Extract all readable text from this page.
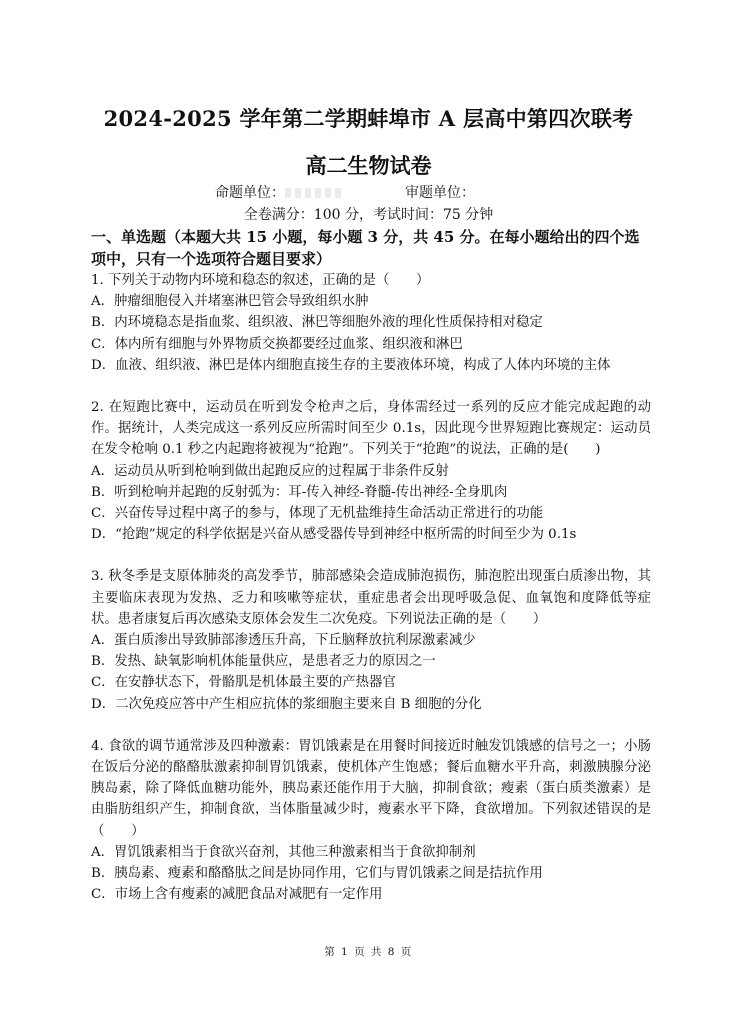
2024-2025 学年第二学期蚌埠市 A 层高中第四次联考
高二生物试卷
命题单位：	审题单位：
全卷满分：100 分，考试时间：75 分钟

一、单选题（本题大共 15 小题，每小题 3 分，共 45 分。在每小题给出的四个选项中，只有一个选项符合题目要求）

1. 下列关于动物内环境和稳态的叙述，正确的是（　　）

A．肿瘤细胞侵入并堵塞淋巴管会导致组织水肿

B．内环境稳态是指血浆、组织液、淋巴等细胞外液的理化性质保持相对稳定

C．体内所有细胞与外界物质交换都要经过血浆、组织液和淋巴

D．血液、组织液、淋巴是体内细胞直接生存的主要液体环境，构成了人体内环境的主体

2. 在短跑比赛中，运动员在听到发令枪声之后，身体需经过一系列的反应才能完成起跑的动作。据统计，人类完成这一系列反应所需时间至少 0.1s，因此现今世界短跑比赛规定：运动员在发令枪响 0.1 秒之内起跑将被视为“抢跑”。下列关于“抢跑”的说法，正确的是(　　)

A．运动员从听到枪响到做出起跑反应的过程属于非条件反射

B．听到枪响并起跑的反射弧为：耳-传入神经-脊髓-传出神经-全身肌肉

C．兴奋传导过程中离子的参与，体现了无机盐维持生命活动正常进行的功能

D．“抢跑”规定的科学依据是兴奋从感受器传导到神经中枢所需的时间至少为 0.1s

3. 秋冬季是支原体肺炎的高发季节，肺部感染会造成肺泡损伤，肺泡腔出现蛋白质渗出物，其主要临床表现为发热、乏力和咳嗽等症状，重症患者会出现呼吸急促、血氧饱和度降低等症状。患者康复后再次感染支原体会发生二次免疫。下列说法正确的是（　　）

A．蛋白质渗出导致肺部渗透压升高，下丘脑释放抗利尿激素减少

B．发热、缺氧影响机体能量供应，是患者乏力的原因之一

C．在安静状态下，骨骼肌是机体最主要的产热器官

D．二次免疫应答中产生相应抗体的浆细胞主要来自 B 细胞的分化

4. 食欲的调节通常涉及四种激素：胃饥饿素是在用餐时间接近时触发饥饿感的信号之一；小肠在饭后分泌的酪酪肽激素抑制胃饥饿素，使机体产生饱感；餐后血糖水平升高，刺激胰腺分泌胰岛素，除了降低血糖功能外，胰岛素还能作用于大脑，抑制食欲；瘦素（蛋白质类激素）是由脂肪组织产生，抑制食欲，当体脂量减少时，瘦素水平下降，食欲增加。下列叙述错误的是（　　）

A．胃饥饿素相当于食欲兴奋剂，其他三种激素相当于食欲抑制剂

B．胰岛素、瘦素和酪酪肽之间是协同作用，它们与胃饥饿素之间是拮抗作用

C．市场上含有瘦素的减肥食品对减肥有一定作用

第 1 页 共 8 页
